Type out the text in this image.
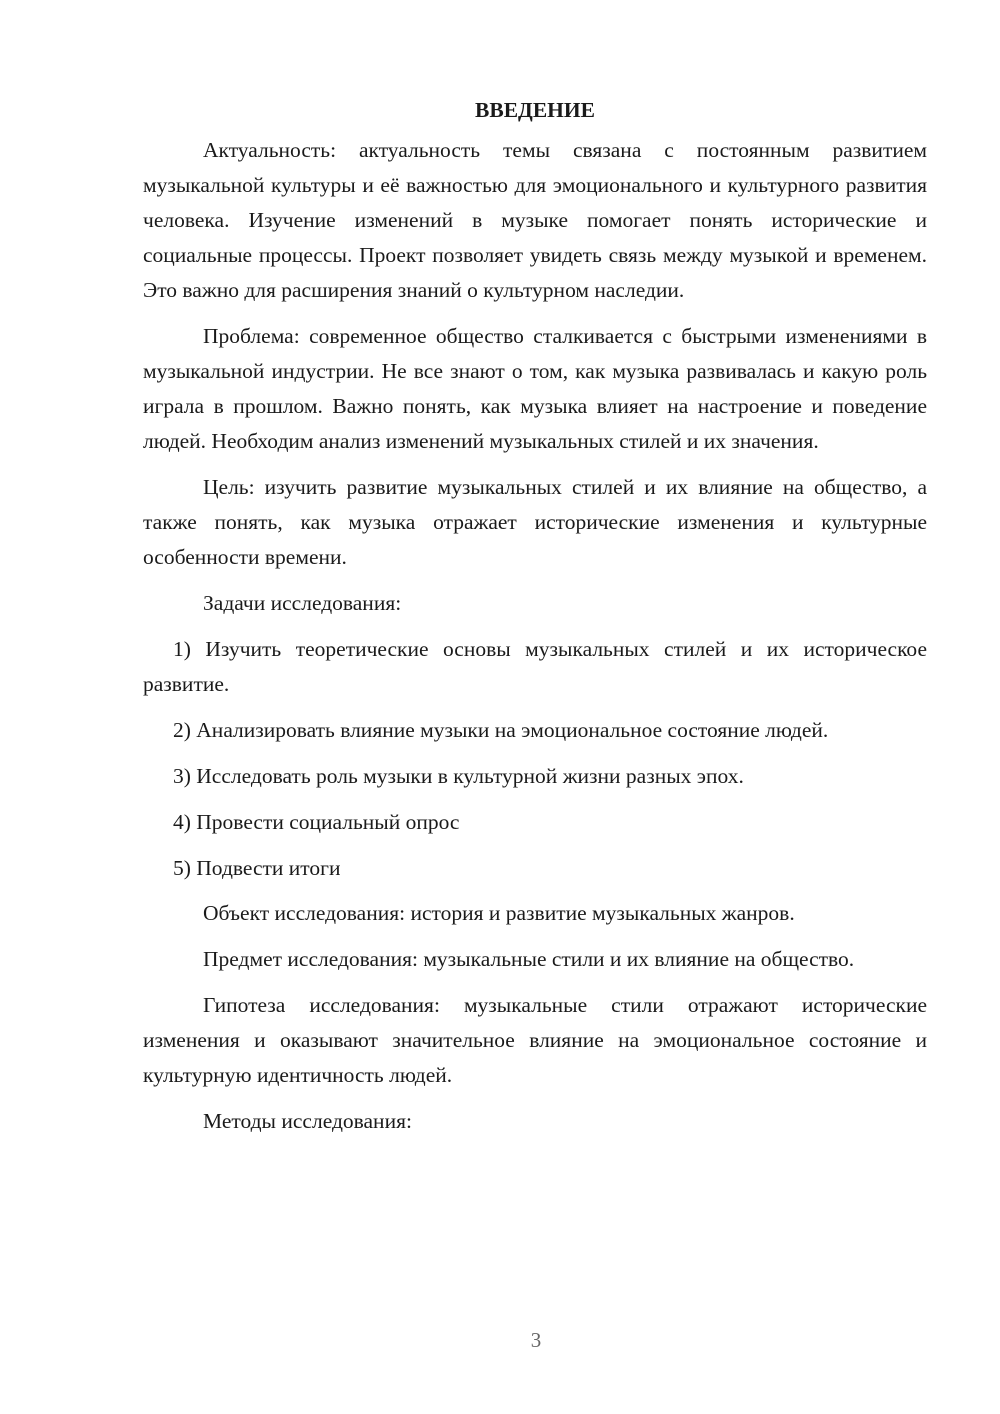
ВВЕДЕНИЕ

Актуальность: актуальность темы связана с постоянным развитием музыкальной культуры и её важностью для эмоционального и культурного развития человека. Изучение изменений в музыке помогает понять исторические и социальные процессы. Проект позволяет увидеть связь между музыкой и временем. Это важно для расширения знаний о культурном наследии.

Проблема: современное общество сталкивается с быстрыми изменениями в музыкальной индустрии. Не все знают о том, как музыка развивалась и какую роль играла в прошлом. Важно понять, как музыка влияет на настроение и поведение людей. Необходим анализ изменений музыкальных стилей и их значения.

Цель: изучить развитие музыкальных стилей и их влияние на общество, а также понять, как музыка отражает исторические изменения и культурные особенности времени.

Задачи исследования:

1) Изучить теоретические основы музыкальных стилей и их историческое развитие.

2) Анализировать влияние музыки на эмоциональное состояние людей.

3) Исследовать роль музыки в культурной жизни разных эпох.

4) Провести социальный опрос

5) Подвести итоги

Объект исследования: история и развитие музыкальных жанров.

Предмет исследования: музыкальные стили и их влияние на общество.

Гипотеза исследования: музыкальные стили отражают исторические изменения и оказывают значительное влияние на эмоциональное состояние и культурную идентичность людей.

Методы исследования:

3
